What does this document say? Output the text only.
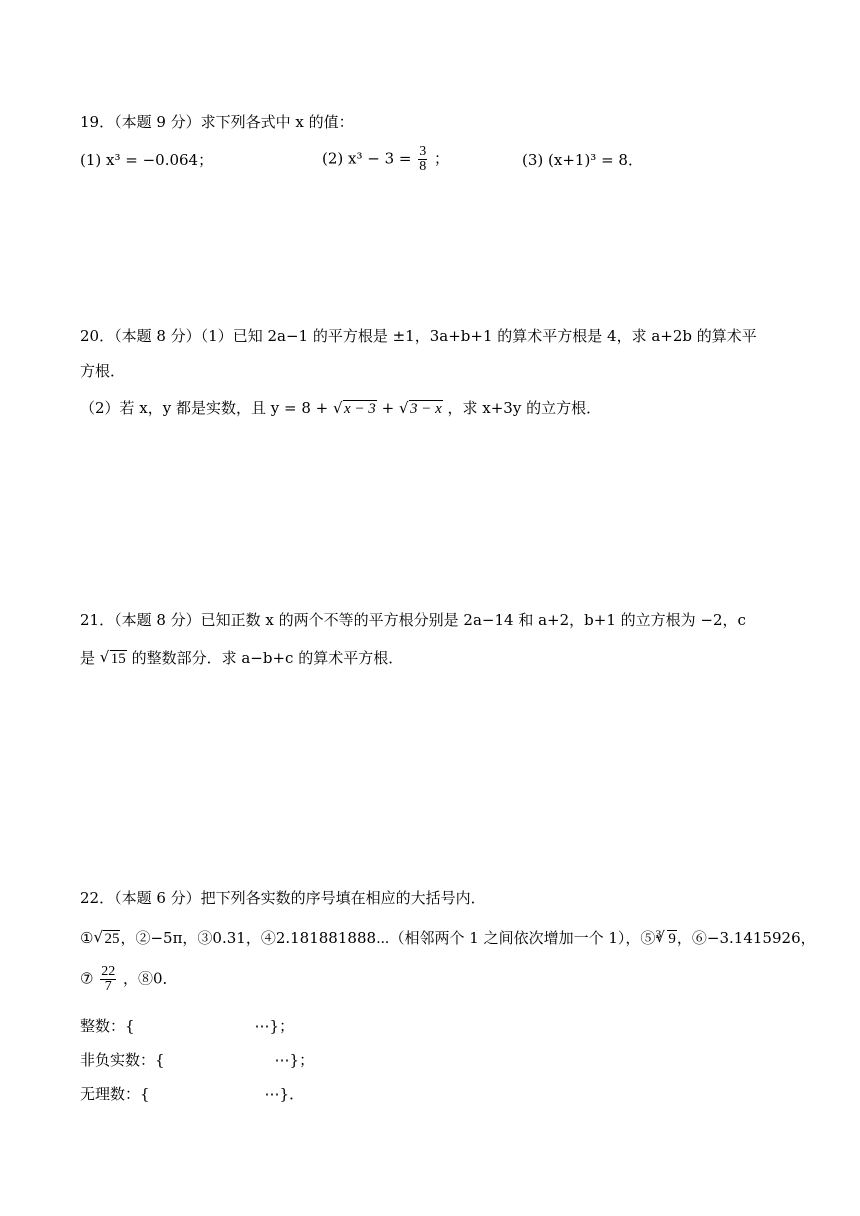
19．（本题 9 分）求下列各式中 x 的值：
(1) x³ = −0.064；	(2) $x^3 - 3 = \frac{3}{8}$ ；	(3) (x+1)³ = 8．
20．（本题 8 分）（1）已知 2a−1 的平方根是 ±1，3a+b+1 的算术平方根是 4，求 a+2b 的算术平
方根．
（2）若 x，y 都是实数，且 y = 8 + √ x − 3 + √ 3 − x ，求 x+3y 的立方根．
21．（本题 8 分）已知正数 x 的两个不等的平方根分别是 2a−14 和 a+2，b+1 的立方根为 −2，c
是 √ 15 的整数部分．求 a−b+c 的算术平方根．
22．（本题 6 分）把下列各实数的序号填在相应的大括号内．
① √ 25，②−5π，③0.31，④2.181881888⋯（相邻两个 1 之间依次增加一个 1），⑤ √ 3 9，⑥−3.1415926，
⑦ $\frac{22}{7}$ ，⑧0．
整数：{	⋯}；
非负实数：{	⋯}；
无理数：{	⋯}．
